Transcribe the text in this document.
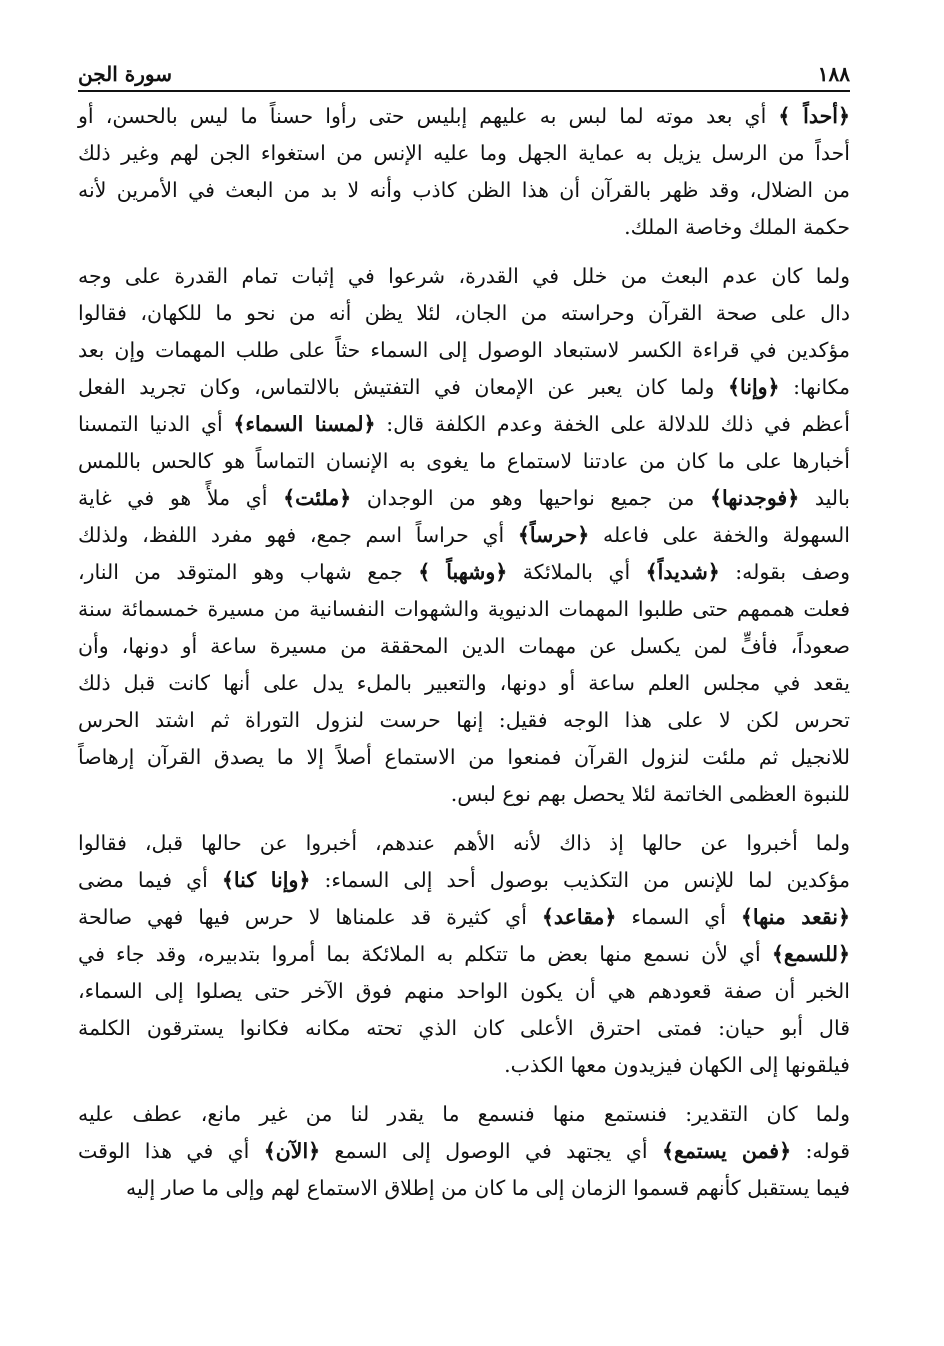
١٨٨
سورة الجن
﴿أحداً ﴾ أي بعد موته لما لبس به عليهم إبليس حتى رأوا حسناً ما ليس بالحسن، أو
أحداً من الرسل يزيل به عماية الجهل وما عليه الإنس من استغواء الجن لهم وغير ذلك
من الضلال، وقد ظهر بالقرآن أن هذا الظن كاذب وأنه لا بد من البعث في الأمرين لأنه
حكمة الملك وخاصة الملك.
ولما كان عدم البعث من خلل في القدرة، شرعوا في إثبات تمام القدرة على وجه
دال على صحة القرآن وحراسته من الجان، لئلا يظن أنه من نحو ما للكهان، فقالوا
مؤكدين في قراءة الكسر لاستبعاد الوصول إلى السماء حثاً على طلب المهمات وإن بعد
مكانها: ﴿وإنا﴾ ولما كان يعبر عن الإمعان في التفتيش بالالتماس، وكان تجريد الفعل
أعظم في ذلك للدلالة على الخفة وعدم الكلفة قال: ﴿لمسنا السماء﴾ أي الدنيا التمسنا
أخبارها على ما كان من عادتنا لاستماع ما يغوى به الإنسان التماساً هو كالحس باللمس
باليد ﴿فوجدنها﴾ من جميع نواحيها وهو من الوجدان ﴿ملئت﴾ أي ملأً هو في غاية
السهولة والخفة على فاعله ﴿حرساً﴾ أي حراساً اسم جمع، فهو مفرد اللفظ، ولذلك
وصف بقوله: ﴿شديداً﴾ أي بالملائكة ﴿وشهباً ﴾ جمع شهاب وهو المتوقد من النار،
فعلت هممهم حتى طلبوا المهمات الدنيوية والشهوات النفسانية من مسيرة خمسمائة سنة
صعوداً، فأفٍّ لمن يكسل عن مهمات الدين المحققة من مسيرة ساعة أو دونها، وأن
يقعد في مجلس العلم ساعة أو دونها، والتعبير بالملء يدل على أنها كانت قبل ذلك
تحرس لكن لا على هذا الوجه فقيل: إنها حرست لنزول التوراة ثم اشتد الحرس
للانجيل ثم ملئت لنزول القرآن فمنعوا من الاستماع أصلاً إلا ما يصدق القرآن إرهاصاً
للنبوة العظمى الخاتمة لئلا يحصل بهم نوع لبس.
ولما أخبروا عن حالها إذ ذاك لأنه الأهم عندهم، أخبروا عن حالها قبل، فقالوا
مؤكدين لما للإنس من التكذيب بوصول أحد إلى السماء: ﴿وإنا كنا﴾ أي فيما مضى
﴿نقعد منها﴾ أي السماء ﴿مقاعد﴾ أي كثيرة قد علمناها لا حرس فيها فهي صالحة
﴿للسمع﴾ أي لأن نسمع منها بعض ما تتكلم به الملائكة بما أمروا بتدبيره، وقد جاء في
الخبر أن صفة قعودهم هي أن يكون الواحد منهم فوق الآخر حتى يصلوا إلى السماء،
قال أبو حيان: فمتى احترق الأعلى كان الذي تحته مكانه فكانوا يسترقون الكلمة
فيلقونها إلى الكهان فيزيدون معها الكذب.
ولما كان التقدير: فنستمع منها فنسمع ما يقدر لنا من غير مانع، عطف عليه
قوله: ﴿فمن يستمع﴾ أي يجتهد في الوصول إلى السمع ﴿الآن﴾ أي في هذا الوقت
فيما يستقبل كأنهم قسموا الزمان إلى ما كان من إطلاق الاستماع لهم وإلى ما صار إليه
